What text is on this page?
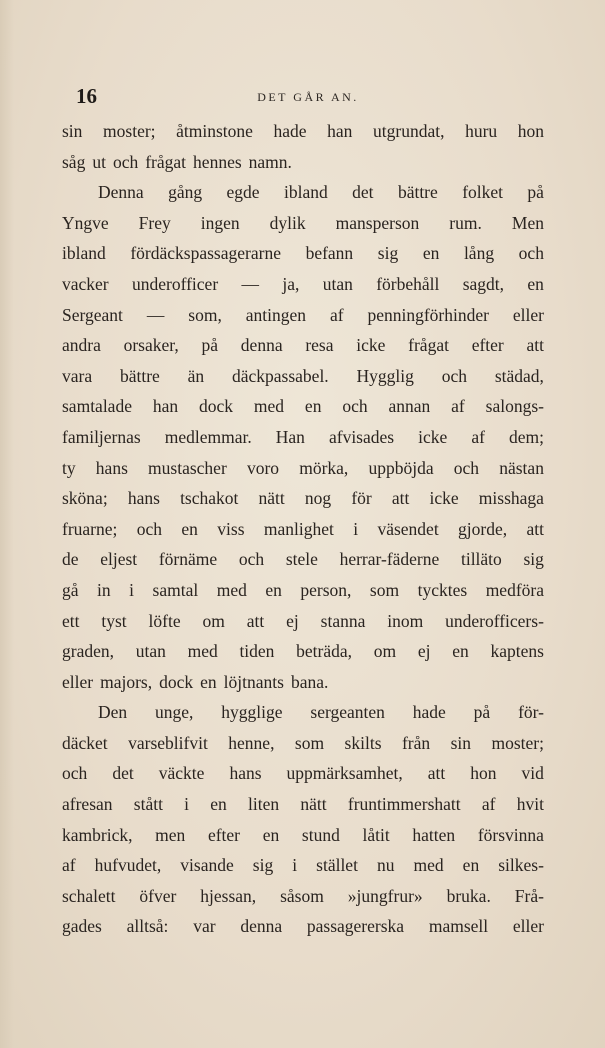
16	DET GÅR AN.
sin moster; åtminstone hade han utgrundat, huru hon
såg ut och frågat hennes namn.
Denna gång egde ibland det bättre folket på
Yngve Frey ingen dylik mansperson rum. Men
ibland fördäckspassagerarne befann sig en lång och
vacker underofficer — ja, utan förbehåll sagdt, en
Sergeant — som, antingen af penningförhinder eller
andra orsaker, på denna resa icke frågat efter att
vara bättre än däckpassabel. Hygglig och städad,
samtalade han dock med en och annan af salongs-
familjernas medlemmar. Han afvisades icke af dem;
ty hans mustascher voro mörka, uppböjda och nästan
sköna; hans tschakot nätt nog för att icke misshaga
fruarne; och en viss manlighet i väsendet gjorde, att
de eljest förnäme och stele herrar-fäderne tilläto sig
gå in i samtal med en person, som tycktes medföra
ett tyst löfte om att ej stanna inom underofficers-
graden, utan med tiden beträda, om ej en kaptens
eller majors, dock en löjtnants bana.
Den unge, hygglige sergeanten hade på för-
däcket varseblifvit henne, som skilts från sin moster;
och det väckte hans uppmärksamhet, att hon vid
afresan stått i en liten nätt fruntimmershatt af hvit
kambrick, men efter en stund låtit hatten försvinna
af hufvudet, visande sig i stället nu med en silkes-
schalett öfver hjessan, såsom »jungfrur» bruka. Frå-
gades alltså: var denna passagererska mamsell eller
